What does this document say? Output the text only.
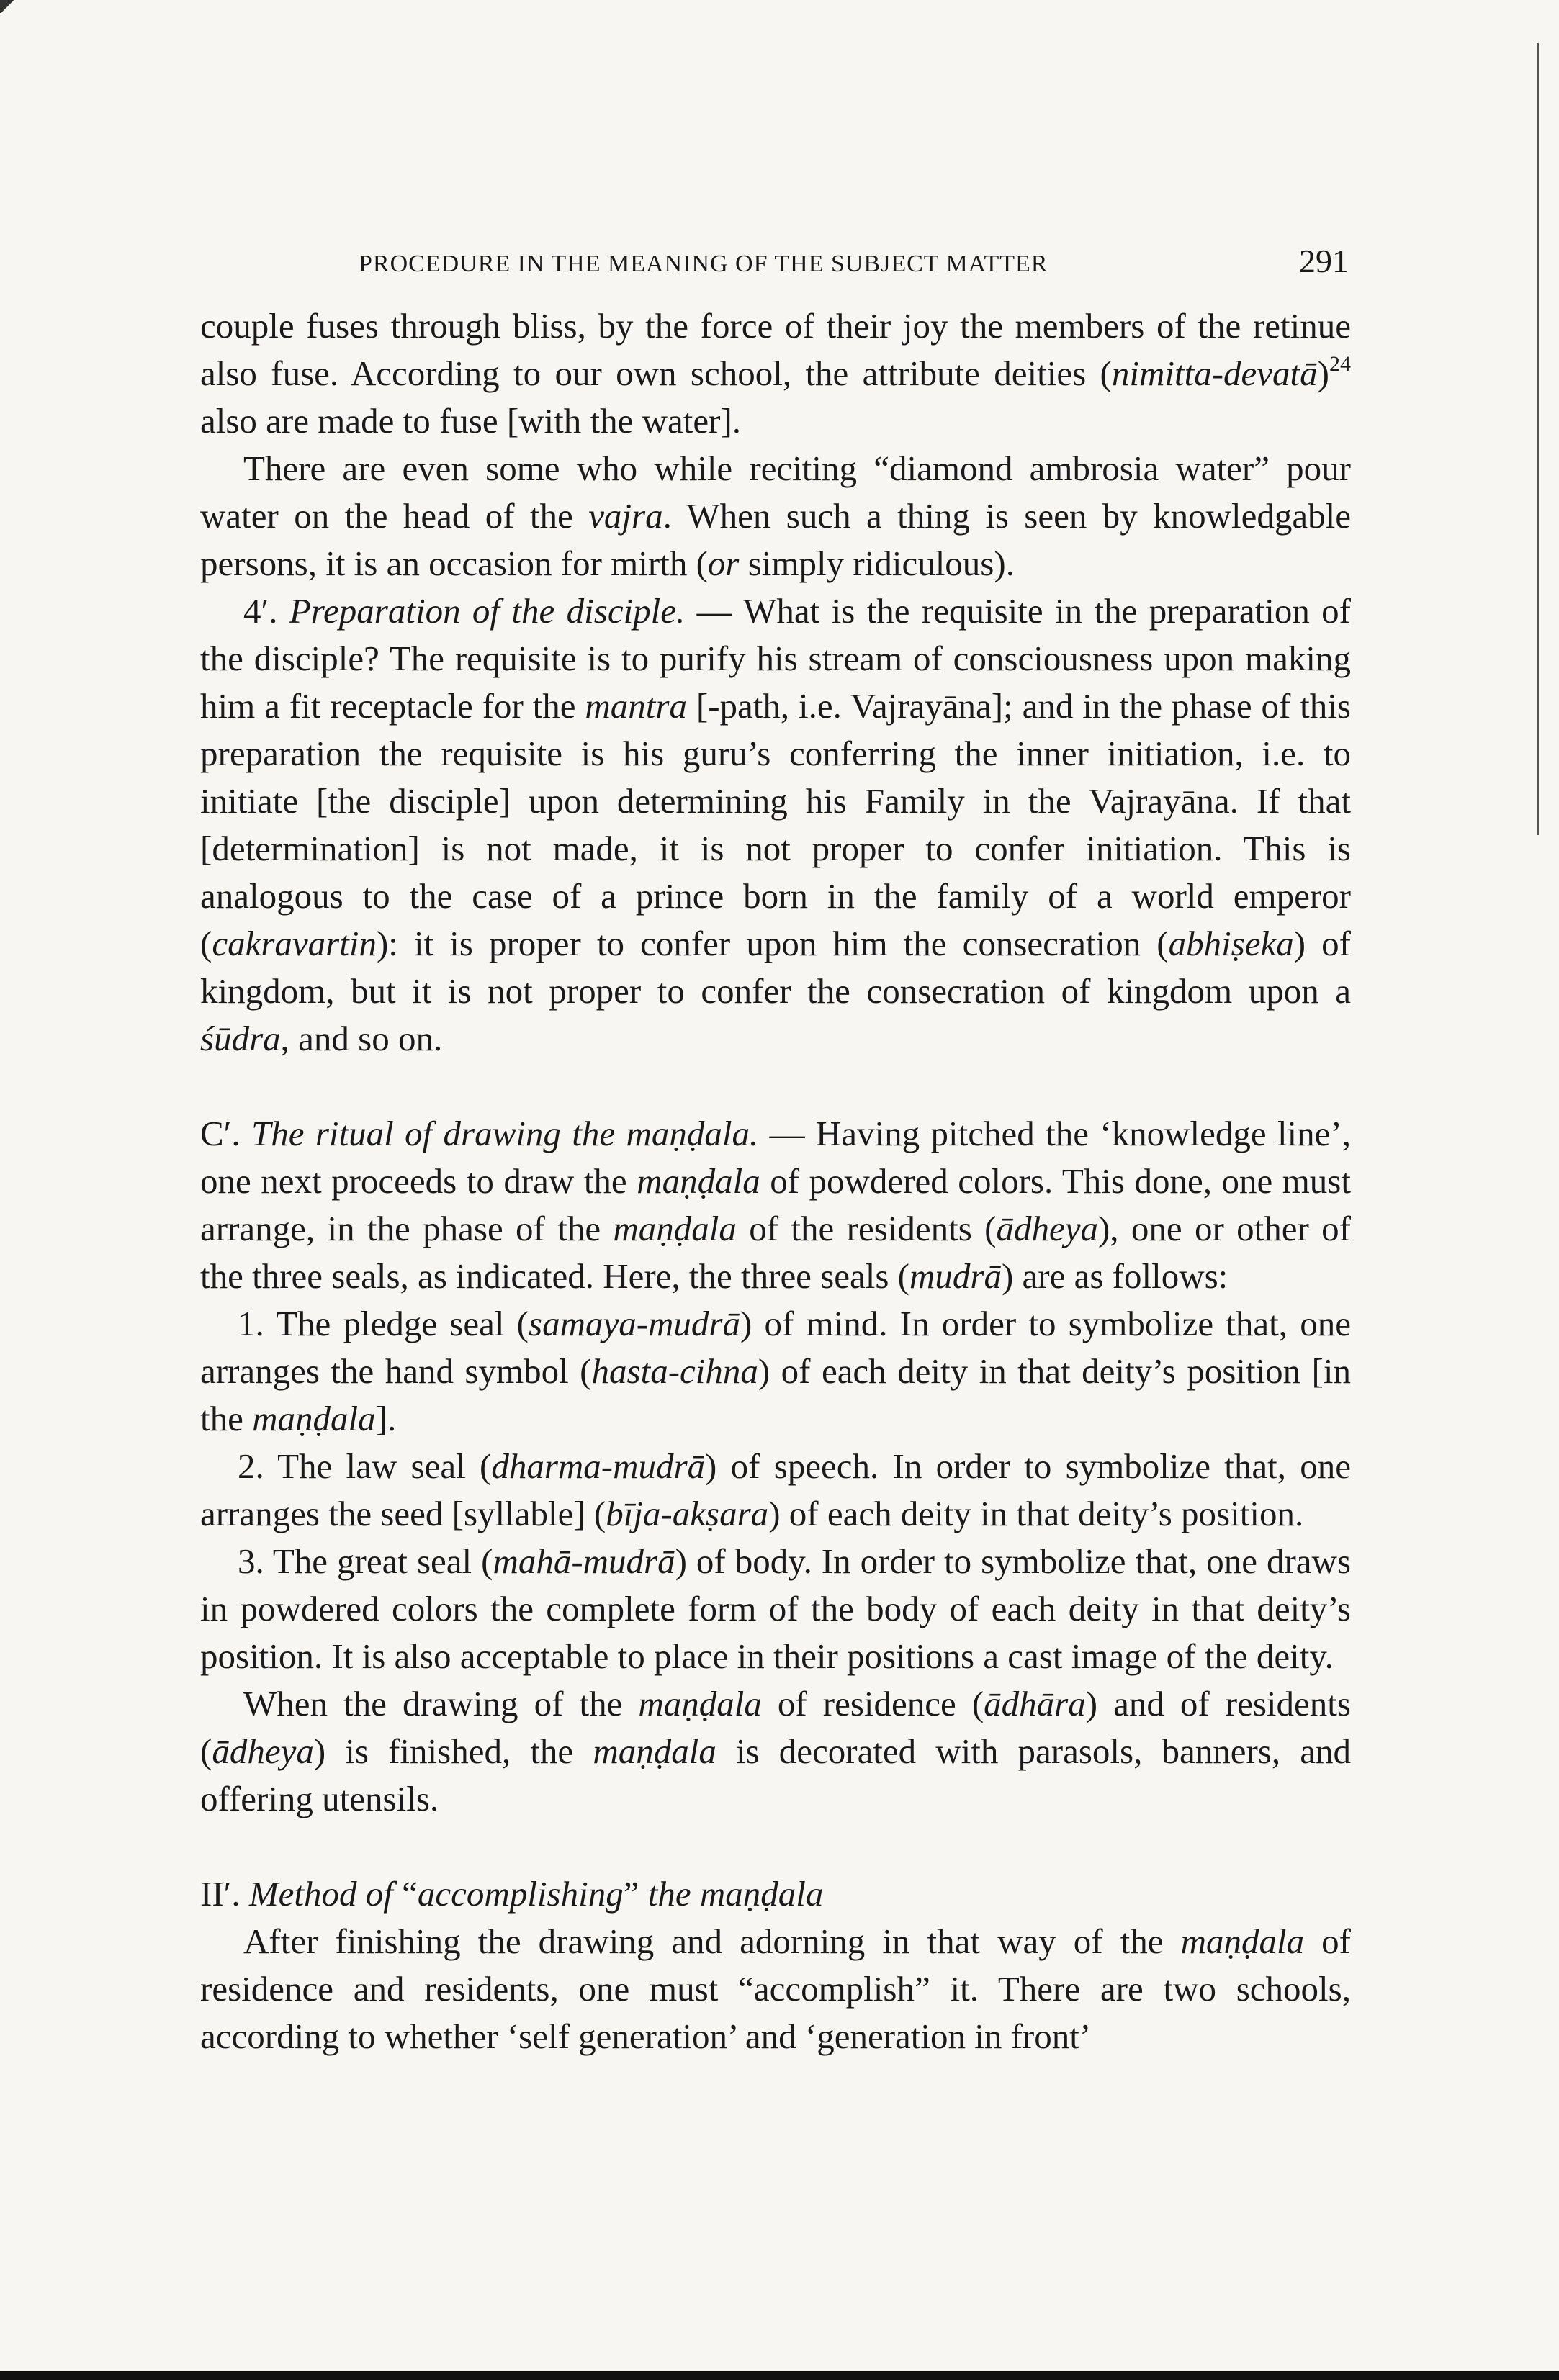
PROCEDURE IN THE MEANING OF THE SUBJECT MATTER	291

couple fuses through bliss, by the force of their joy the members of the retinue also fuse. According to our own school, the attribute deities (nimitta-devatā)$^{24}$ also are made to fuse [with the water].

There are even some who while reciting “diamond ambrosia water” pour water on the head of the vajra. When such a thing is seen by knowledgable persons, it is an occasion for mirth (or simply ridiculous).

4′. Preparation of the disciple. — What is the requisite in the preparation of the disciple? The requisite is to purify his stream of consciousness upon making him a fit receptacle for the mantra [-path, i.e. Vajrayāna]; and in the phase of this preparation the requisite is his guru’s conferring the inner initiation, i.e. to initiate [the disciple] upon determining his Family in the Vajrayāna. If that [determination] is not made, it is not proper to confer initiation. This is analogous to the case of a prince born in the family of a world emperor (cakravartin): it is proper to confer upon him the consecration (abhiṣeka) of kingdom, but it is not proper to confer the consecration of kingdom upon a śūdra, and so on.

C′. The ritual of drawing the maṇḍala. — Having pitched the ‘knowledge line’, one next proceeds to draw the maṇḍala of powdered colors. This done, one must arrange, in the phase of the maṇḍala of the residents (ādheya), one or other of the three seals, as indicated. Here, the three seals (mudrā) are as follows:

1. The pledge seal (samaya-mudrā) of mind. In order to symbolize that, one arranges the hand symbol (hasta-cihna) of each deity in that deity’s position [in the maṇḍala].

2. The law seal (dharma-mudrā) of speech. In order to symbolize that, one arranges the seed [syllable] (bīja-akṣara) of each deity in that deity’s position.

3. The great seal (mahā-mudrā) of body. In order to symbolize that, one draws in powdered colors the complete form of the body of each deity in that deity’s position. It is also acceptable to place in their positions a cast image of the deity.

When the drawing of the maṇḍala of residence (ādhāra) and of residents (ādheya) is finished, the maṇḍala is decorated with parasols, banners, and offering utensils.

II′. Method of “accomplishing” the maṇḍala

After finishing the drawing and adorning in that way of the maṇḍala of residence and residents, one must “accomplish” it. There are two schools, according to whether ‘self generation’ and ‘generation in front’
